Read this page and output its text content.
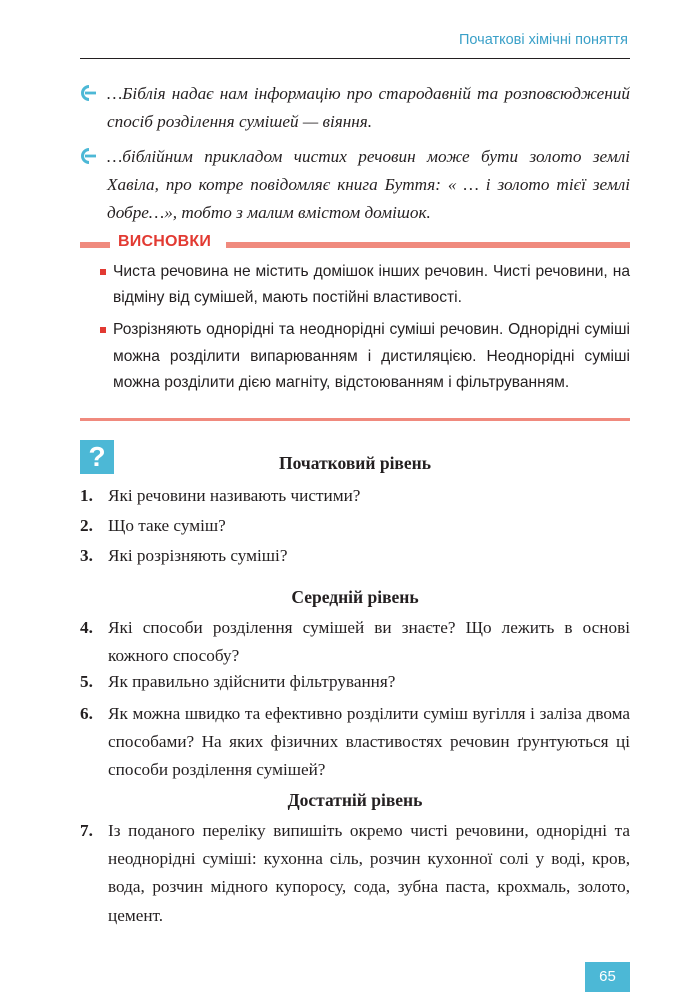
Початкові хімічні поняття
…Біблія надає нам інформацію про стародавній та розповсюджений спосіб розділення сумішей — віяння.
…біблійним прикладом чистих речовин може бути золото землі Хавіла, про котре повідомляє книга Буття: « … і золото тієї землі добре…», тобто з малим вмістом домішок.
ВИСНОВКИ
Чиста речовина не містить домішок інших речовин. Чисті речовини, на відміну від сумішей, мають постійні властивості.
Розрізняють однорідні та неоднорідні суміші речовин. Однорідні суміші можна розділити випарюванням і дистиляцією. Неоднорідні суміші можна розділити дією магніту, відстоюванням і фільтруванням.
?	Початковий рівень
1. Які речовини називають чистими?
2. Що таке суміш?
3. Які розрізняють суміші?
Середній рівень
4. Які способи розділення сумішей ви знаєте? Що лежить в основі кожного способу?
5. Як правильно здійснити фільтрування?
6. Як можна швидко та ефективно розділити суміш вугілля і заліза двома способами? На яких фізичних властивостях речовин ґрунтуються ці способи розділення сумішей?
Достатній рівень
7. Із поданого переліку випишіть окремо чисті речовини, однорідні та неоднорідні суміші: кухонна сіль, розчин кухонної солі у воді, кров, вода, розчин мідного купоросу, сода, зубна паста, крохмаль, золото, цемент.
65
